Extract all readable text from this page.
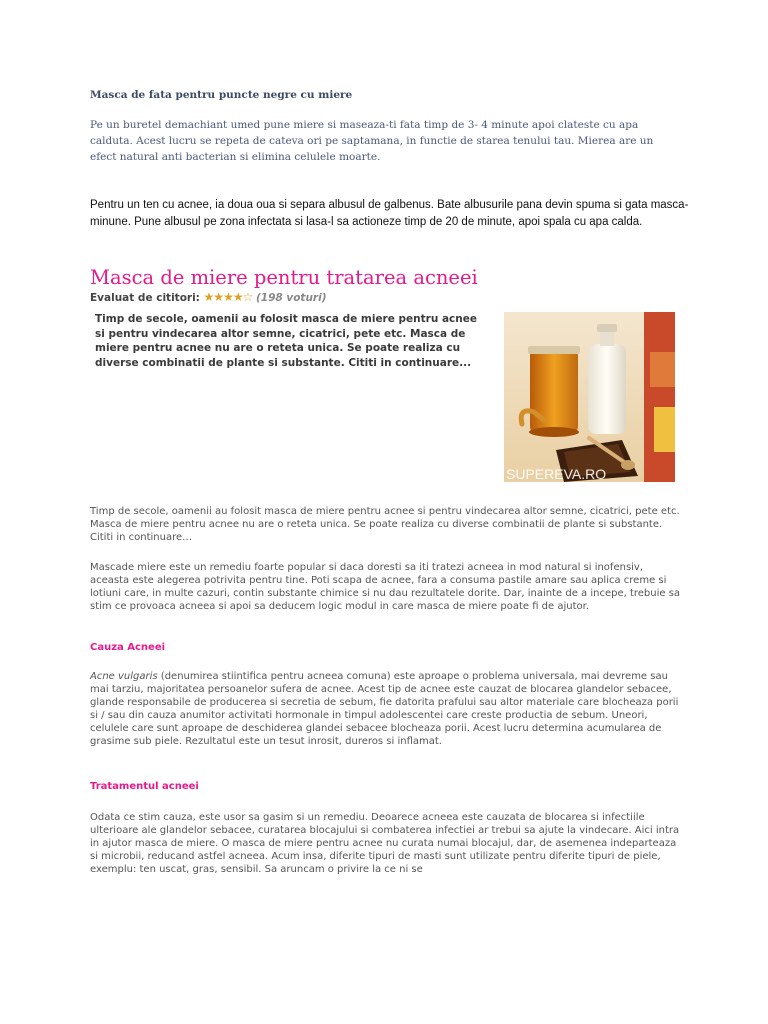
Masca de fata pentru puncte negre cu miere

Pe un buretel demachiant umed pune miere si maseaza-ti fata timp de 3- 4 minute apoi clateste cu apa calduta. Acest lucru se repeta de cateva ori pe saptamana, in functie de starea tenului tau. Mierea are un efect natural anti bacterian si elimina celulele moarte.

Pentru un ten cu acnee, ia doua oua si separa albusul de galbenus. Bate albusurile pana devin spuma si gata masca-minune. Pune albusul pe zona infectata si lasa-l sa actioneze timp de 20 de minute, apoi spala cu apa calda.

Masca de miere pentru tratarea acneei
Evaluat de cititori: ★★★★☆ (198 voturi)

Timp de secole, oamenii au folosit masca de miere pentru acnee si pentru vindecarea altor semne, cicatrici, pete etc. Masca de miere pentru acnee nu are o reteta unica. Se poate realiza cu diverse combinatii de plante si substante. Cititi in continuare...

SUPEREVA.RO

Timp de secole, oamenii au folosit masca de miere pentru acnee si pentru vindecarea altor semne, cicatrici, pete etc. Masca de miere pentru acnee nu are o reteta unica. Se poate realiza cu diverse combinatii de plante si substante. Cititi in continuare…

Mascade miere este un remediu foarte popular si daca doresti sa iti tratezi acneea in mod natural si inofensiv, aceasta este alegerea potrivita pentru tine. Poti scapa de acnee, fara a consuma pastile amare sau aplica creme si lotiuni care, in multe cazuri, contin substante chimice si nu dau rezultatele dorite. Dar, inainte de a incepe, trebuie sa stim ce provoaca acneea si apoi sa deducem logic modul in care masca de miere poate fi de ajutor.

Cauza Acneei

Acne vulgaris (denumirea stiintifica pentru acneea comuna) este aproape o problema universala, mai devreme sau mai tarziu, majoritatea persoanelor sufera de acnee. Acest tip de acnee este cauzat de blocarea glandelor sebacee, glande responsabile de producerea si secretia de sebum, fie datorita prafului sau altor materiale care blocheaza porii si / sau din cauza anumitor activitati hormonale in timpul adolescentei care creste productia de sebum. Uneori, celulele care sunt aproape de deschiderea glandei sebacee blocheaza porii. Acest lucru determina acumularea de grasime sub piele. Rezultatul este un tesut inrosit, dureros si inflamat.

Tratamentul acneei

Odata ce stim cauza, este usor sa gasim si un remediu. Deoarece acneea este cauzata de blocarea si infectiile ulterioare ale glandelor sebacee, curatarea blocajului si combaterea infectiei ar trebui sa ajute la vindecare. Aici intra in ajutor masca de miere. O masca de miere pentru acnee nu curata numai blocajul, dar, de asemenea indeparteaza si microbii, reducand astfel acneea. Acum insa, diferite tipuri de masti sunt utilizate pentru diferite tipuri de piele, exemplu: ten uscat, gras, sensibil. Sa aruncam o privire la ce ni se
